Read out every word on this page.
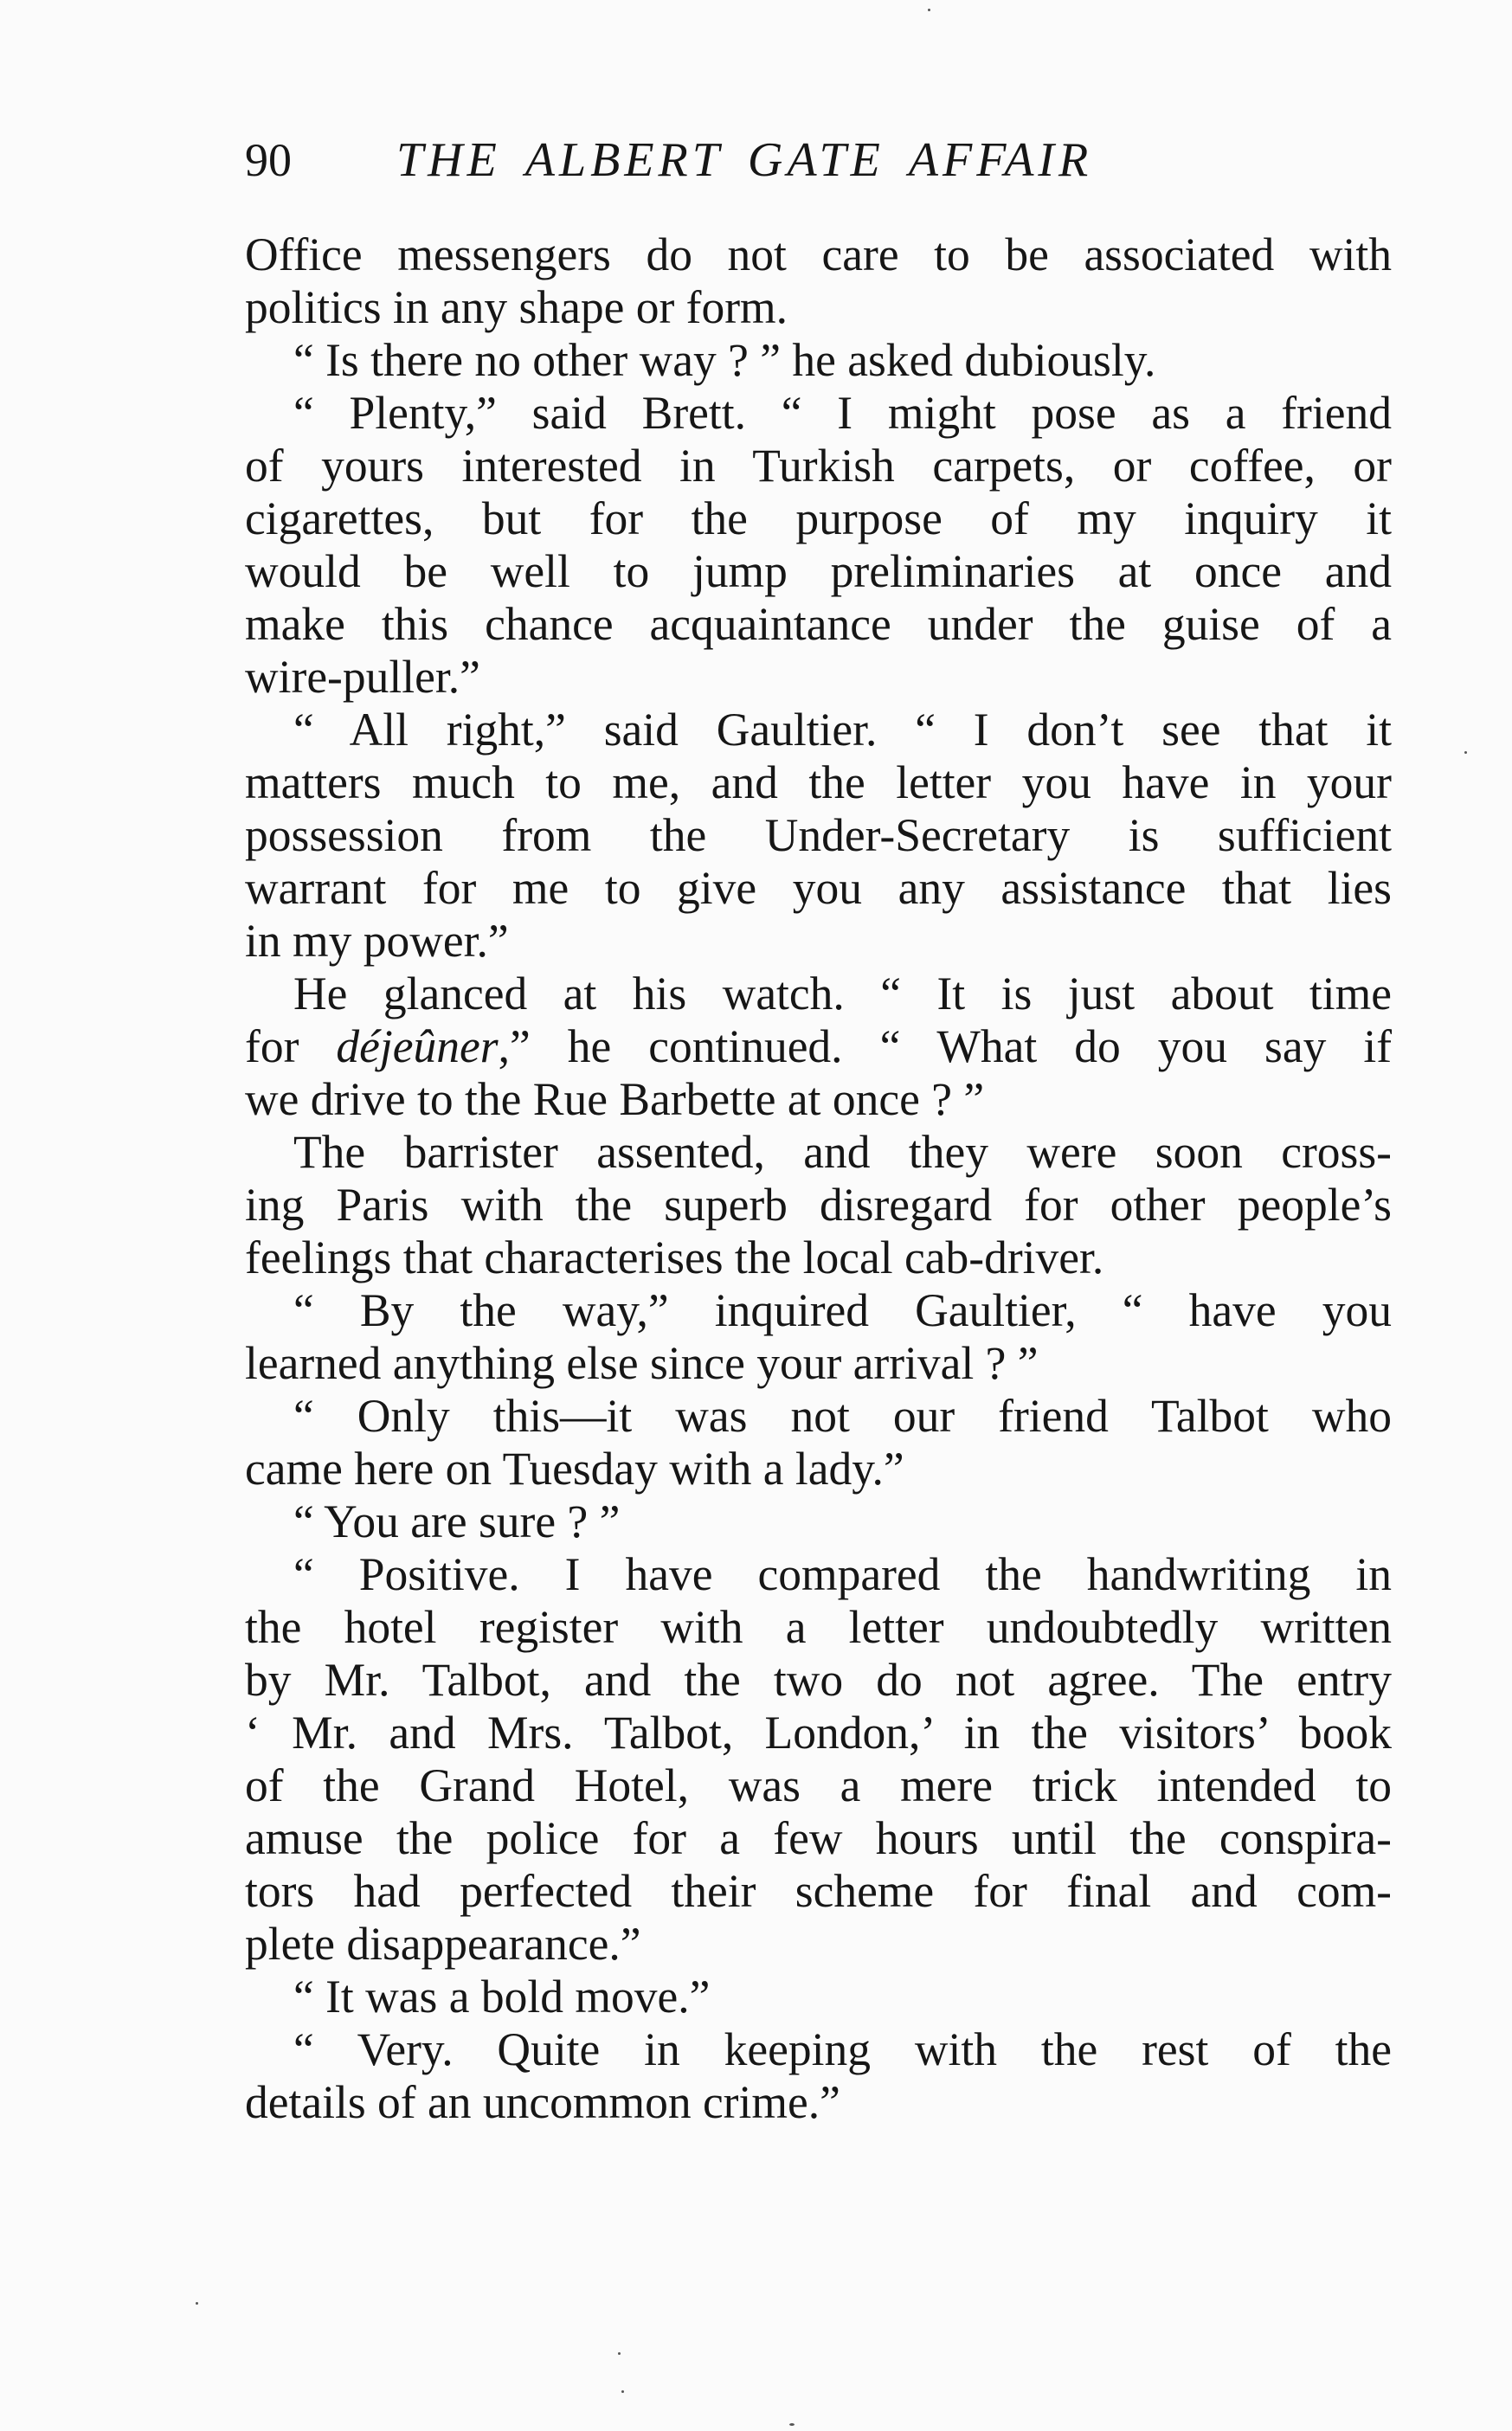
90 THE ALBERT GATE AFFAIR
Office messengers do not care to be associated with
politics in any shape or form.
“ Is there no other way ? ” he asked dubiously.
“ Plenty,” said Brett. “ I might pose as a friend
of yours interested in Turkish carpets, or coffee, or
cigarettes, but for the purpose of my inquiry it
would be well to jump preliminaries at once and
make this chance acquaintance under the guise of a
wire-puller.”
“ All right,” said Gaultier. “ I don’t see that it
matters much to me, and the letter you have in your
possession from the Under-Secretary is sufficient
warrant for me to give you any assistance that lies
in my power.”
He glanced at his watch. “ It is just about time
for déjeûner,” he continued. “ What do you say if
we drive to the Rue Barbette at once ? ”
The barrister assented, and they were soon cross-
ing Paris with the superb disregard for other people’s
feelings that characterises the local cab-driver.
“ By the way,” inquired Gaultier, “ have you
learned anything else since your arrival ? ”
“ Only this—it was not our friend Talbot who
came here on Tuesday with a lady.”
“ You are sure ? ”
“ Positive. I have compared the handwriting in
the hotel register with a letter undoubtedly written
by Mr. Talbot, and the two do not agree. The entry
‘ Mr. and Mrs. Talbot, London,’ in the visitors’ book
of the Grand Hotel, was a mere trick intended to
amuse the police for a few hours until the conspira-
tors had perfected their scheme for final and com-
plete disappearance.”
“ It was a bold move.”
“ Very. Quite in keeping with the rest of the
details of an uncommon crime.”
